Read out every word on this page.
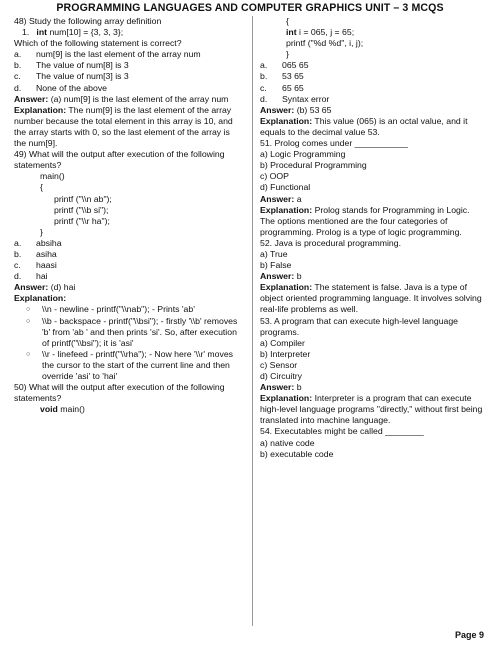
PROGRAMMING LANGUAGES AND COMPUTER GRAPHICS UNIT – 3 MCQS
48) Study the following array definition
1. int num[10] = {3, 3, 3};
Which of the following statement is correct?
a.	num[9] is the last element of the array num
b.	The value of num[8] is 3
c.	The value of num[3] is 3
d.	None of the above
Answer: (a) num[9] is the last element of the array num
Explanation: The num[9] is the last element of the array number because the total element in this array is 10, and the array starts with 0, so the last element of the array is the num[9].
49) What will the output after execution of the following statements?
main()
{
printf ("\\n ab");
printf ("\\b si");
printf ("\\r ha");
}
a.	absiha
b.	asiha
c.	haasi
d.	hai
Answer: (d) hai
Explanation:
○	\\n - newline - printf("\\nab"); - Prints 'ab'
○	\\b - backspace - printf("\\bsi"); - firstly '\\b' removes 'b' from 'ab ' and then prints 'si'. So, after execution of printf("\\bsi"); it is 'asi'
○	\\r - linefeed - printf("\\rha"); - Now here '\\r' moves the cursor to the start of the current line and then override 'asi' to 'hai'
50) What will the output after execution of the following statements?
void main()
{
int i = 065, j = 65;
printf ("%d %d", i, j);
}
a.	065 65
b.	53 65
c.	65 65
d.	Syntax error
Answer: (b) 53 65
Explanation: This value (065) is an octal value, and it equals to the decimal value 53.
51. Prolog comes under ___________
a) Logic Programming
b) Procedural Programming
c) OOP
d) Functional
Answer: a
Explanation: Prolog stands for Programming in Logic. The options mentioned are the four categories of programming. Prolog is a type of logic programming.
52. Java is procedural programming.
a) True
b) False
Answer: b
Explanation: The statement is false. Java is a type of object oriented programming language. It involves solving real-life problems as well.
53. A program that can execute high-level language programs.
a) Compiler
b) Interpreter
c) Sensor
d) Circuitry
Answer: b
Explanation: Interpreter is a program that can execute high-level language programs "directly," without first being translated into machine language.
54. Executables might be called ________
a) native code
b) executable code
Page 9
